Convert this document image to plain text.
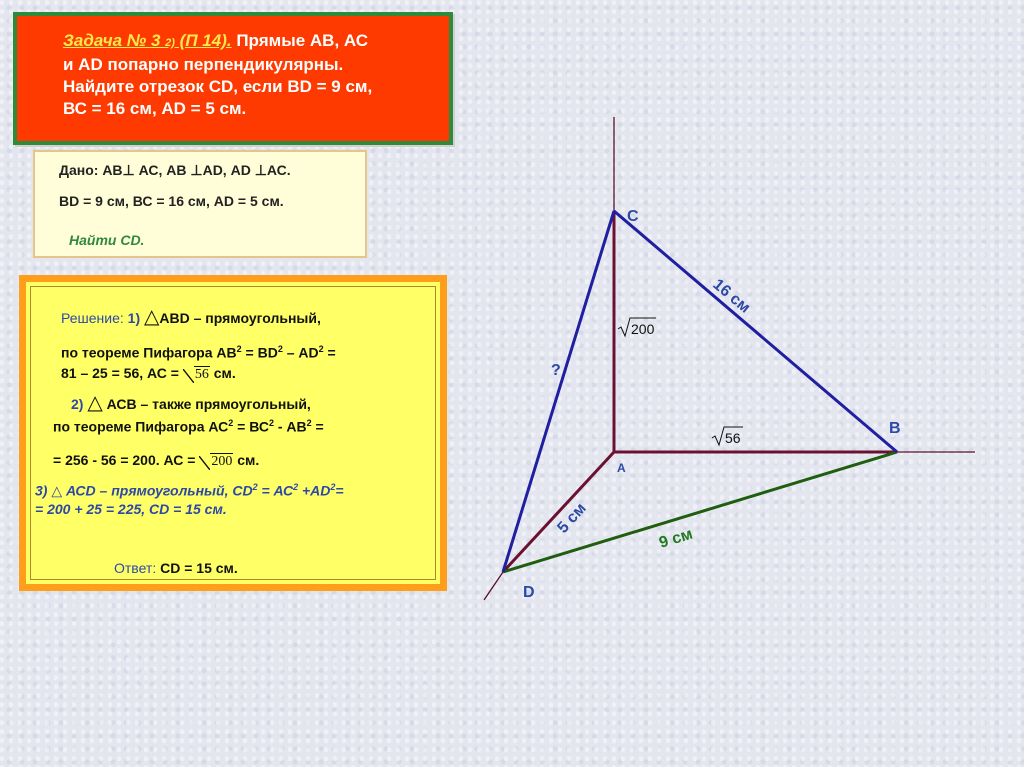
Задача № 3 2) (П 14). Прямые АВ, АС
и АD попарно перпендикулярны.
Найдите отрезок СD, если ВD = 9 см,
ВС = 16 см, АD = 5 см.
Дано: АВ⊥ АС, АВ ⊥АD, АD ⊥АС.
ВD = 9 см, ВС = 16 см, АD = 5 см.
Найти СD.
Решение: 1) △АВD – прямоугольный,
по теореме Пифагора $АВ^2 = ВD^2 - АD^2$ =
81 – 25 = 56, АС = 56 см.
2) △ АСВ – также прямоугольный,
по теореме Пифагора $АС^2 = ВС^2 - АВ^2$ =
= 256 - 56 = 200. АС = 200 см.
3) △ АСD – прямоугольный, $СD^2 = АС^2 +АD^2=$
= 200 + 25 = 225, СD = 15 см.
Ответ: СD = 15 см.
C
B
A
D
16 см
9 см
5 см
?
200
56
